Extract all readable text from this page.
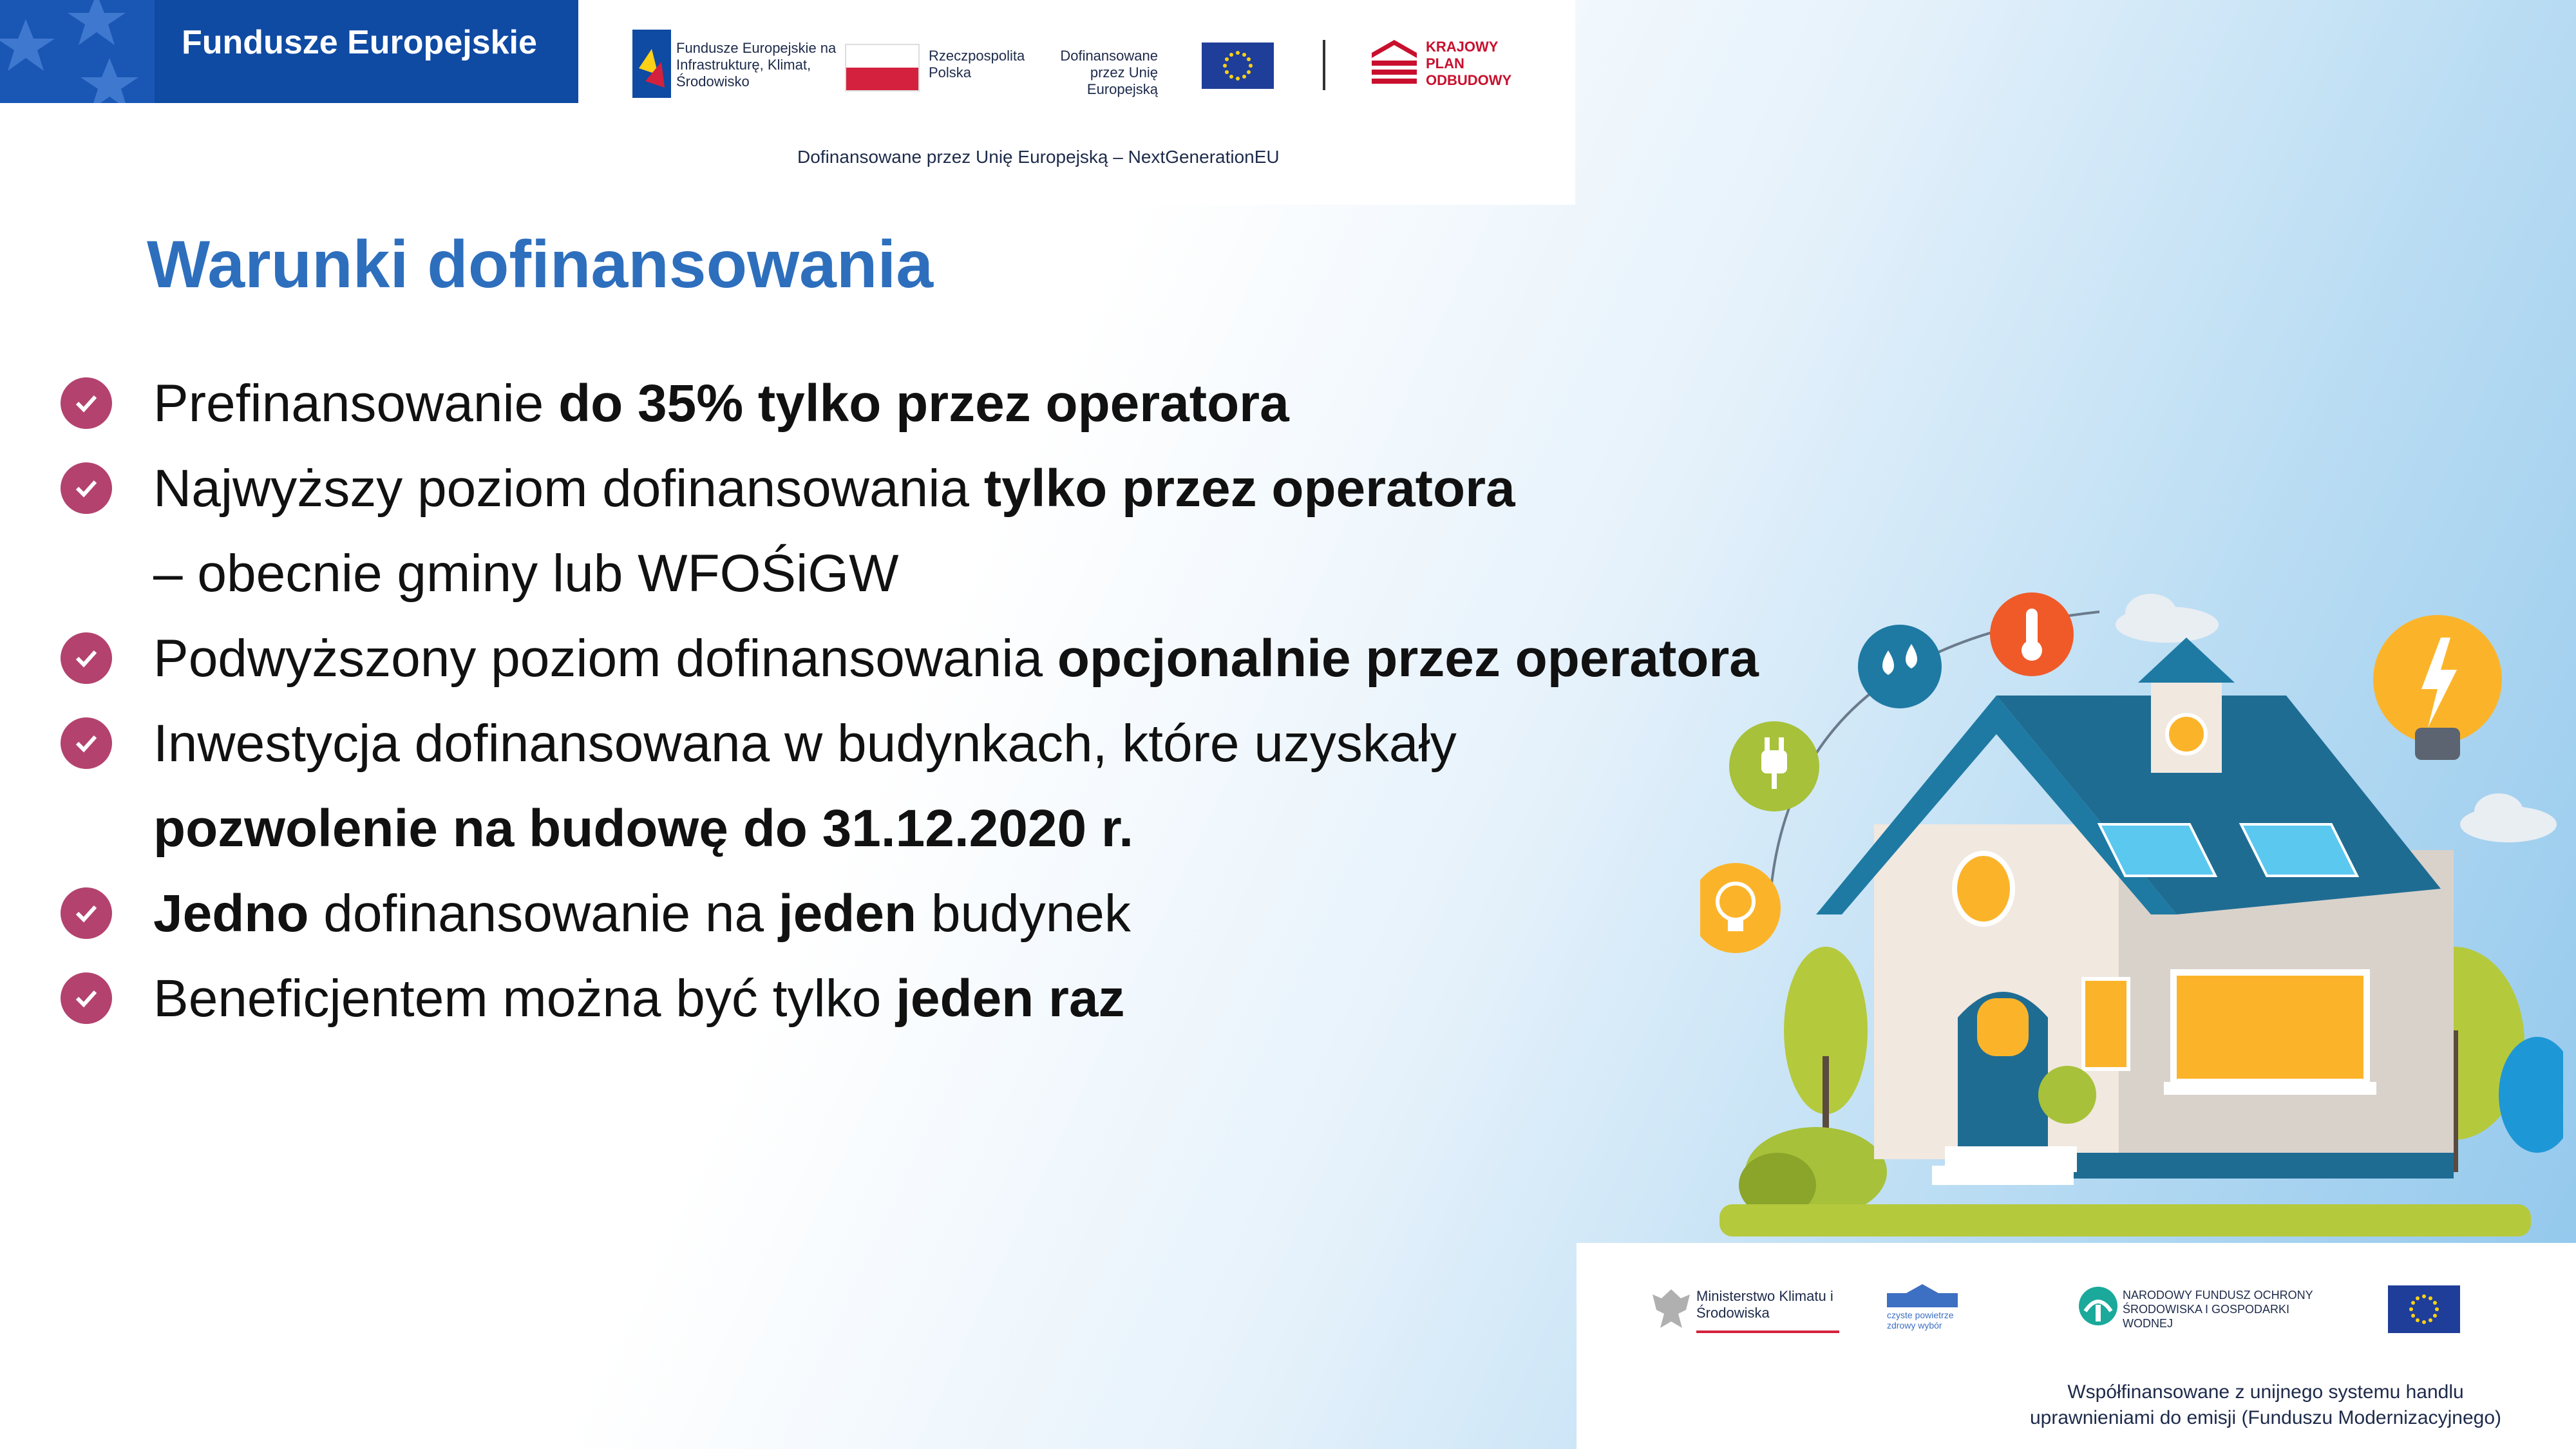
Fundusze Europejskie	Fundusze Europejskie na Infrastrukturę, Klimat, Środowisko
Rzeczpospolita Polska
Dofinansowane przez Unię Europejską
KRAJOWY PLAN ODBUDOWY
Dofinansowane przez Unię Europejską – NextGenerationEU
Warunki dofinansowania
Prefinansowanie do 35% tylko przez operatora
Najwyższy poziom dofinansowania tylko przez operatora
– obecnie gminy lub WFOŚiGW
Podwyższony poziom dofinansowania opcjonalnie przez operatora
Inwestycja dofinansowana w budynkach, które uzyskały
pozwolenie na budowę do 31.12.2020 r.
Jedno dofinansowanie na jeden budynek
Beneficjentem można być tylko jeden raz
Ministerstwo Klimatu i Środowiska	czyste powietrze zdrowy wybór
NARODOWY FUNDUSZ OCHRONY ŚRODOWISKA I GOSPODARKI WODNEJ
Współfinansowane z unijnego systemu handlu
uprawnieniami do emisji (Funduszu Modernizacyjnego)
